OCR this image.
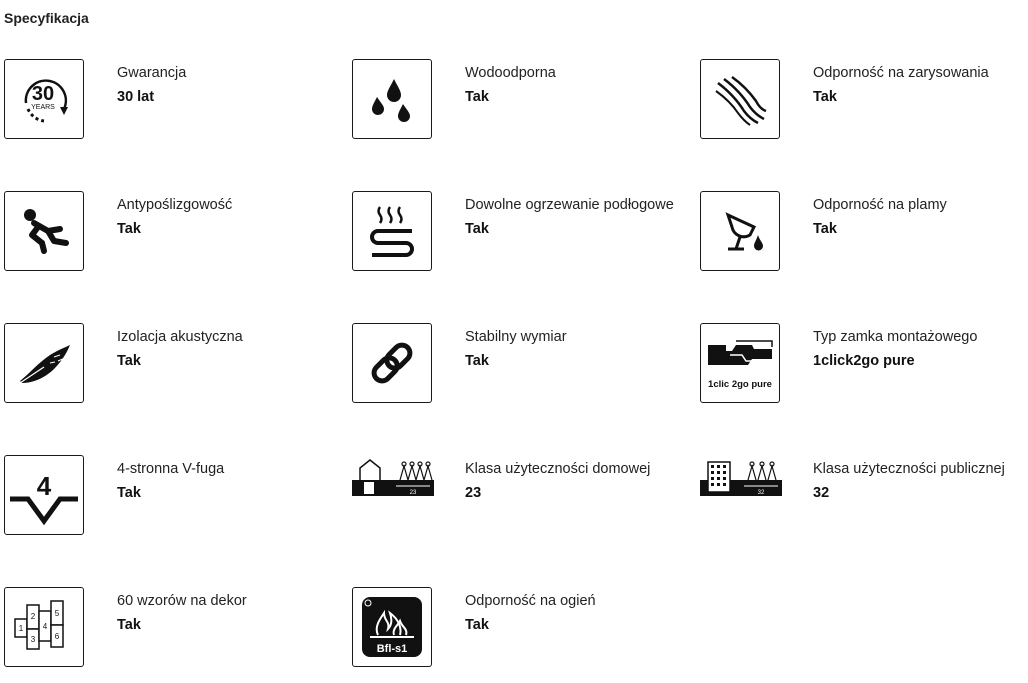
Specyfikacja
30
YEARS
Gwarancja
30 lat
Wodoodporna
Tak
Odporność na zarysowania
Tak
Antypoślizgowość
Tak
Dowolne ogrzewanie podłogowe
Tak
Odporność na plamy
Tak
Izolacja akustyczna
Tak
Stabilny wymiar
Tak
1clic 2go pure
Typ zamka montażowego
1click2go pure
4
4-stronna V-fuga
Tak	23
Klasa użyteczności domowej
23	32
Klasa użyteczności publicznej
32
1
2
3
4
5
6
60 wzorów na dekor
Tak
Bfl-s1
Odporność na ogień
Tak
